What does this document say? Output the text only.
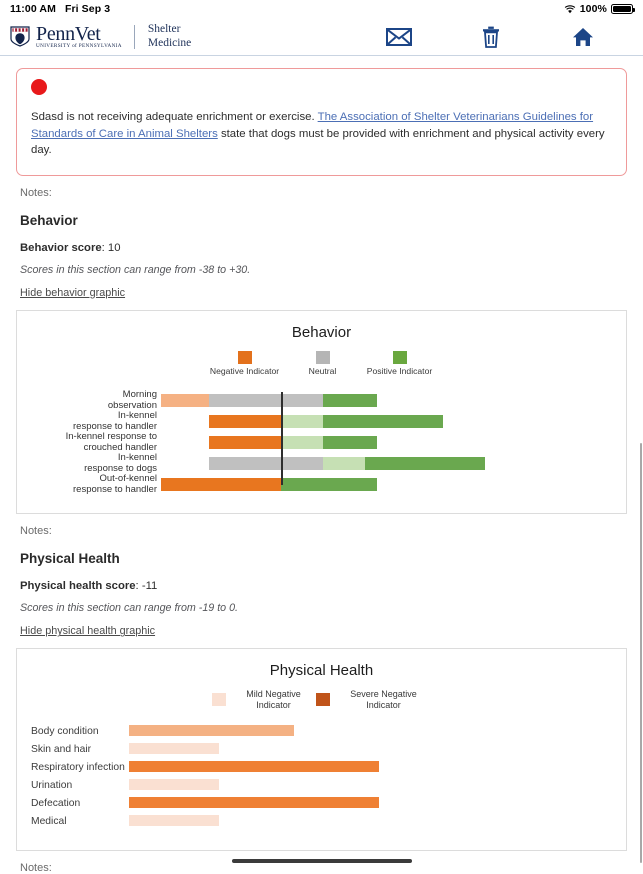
11:00 AM Fri Sep 3	100%
PennVet
UNIVERSITY of PENNSYLVANIA
Shelter
Medicine
Sdasd is not receiving adequate enrichment or exercise. The Association of Shelter Veterinarians Guidelines for Standards of Care in Animal Shelters state that dogs must be provided with enrichment and physical activity every day.
Notes:
Behavior
Behavior score: 10
Scores in this section can range from -38 to +30.
Hide behavior graphic
Behavior
Negative Indicator	Neutral	Positive Indicator
Morning
observation
In-kennel
response to handler
In-kennel response to
crouched handler
In-kennel
response to dogs
Out-of-kennel
response to handler
Notes:
Physical Health
Physical health score: -11
Scores in this section can range from -19 to 0.
Hide physical health graphic
Physical Health
Mild Negative Indicator
Severe Negative Indicator
Body condition
Skin and hair
Respiratory infection
Urination
Defecation
Medical
Notes:
